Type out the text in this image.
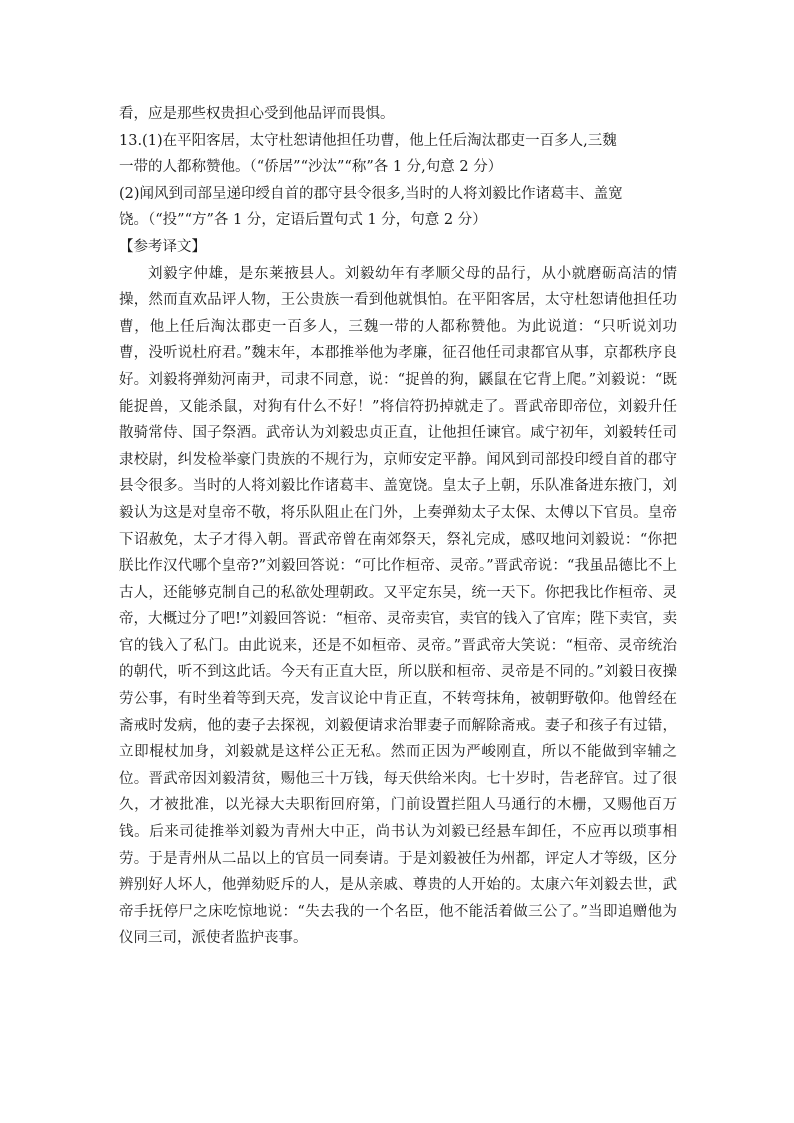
看，应是那些权贵担心受到他品评而畏惧。
13.(1)在平阳客居，太守杜恕请他担任功曹，他上任后淘汰郡吏一百多人,三魏
一带的人都称赞他。（“侨居”“沙汰”“称”各 1 分,句意 2 分）
(2)闻风到司部呈递印绶自首的郡守县令很多,当时的人将刘毅比作诸葛丰、盖宽
饶。（“投”“方”各 1 分，定语后置句式 1 分，句意 2 分）
【参考译文】
刘毅字仲雄，是东莱掖县人。刘毅幼年有孝顺父母的品行，从小就磨砺高洁的情操，然而直欢品评人物，王公贵族一看到他就惧怕。在平阳客居，太守杜恕请他担任功曹，他上任后淘汰郡吏一百多人，三魏一带的人都称赞他。为此说道：“只听说刘功曹，没听说杜府君。”魏末年，本郡推举他为孝廉，征召他任司隶都官从事，京都秩序良好。刘毅将弹劾河南尹，司隶不同意，说：“捉兽的狗，鼷鼠在它背上爬。”刘毅说：“既能捉兽，又能杀鼠，对狗有什么不好！”将信符扔掉就走了。晋武帝即帝位，刘毅升任散骑常侍、国子祭酒。武帝认为刘毅忠贞正直，让他担任谏官。咸宁初年，刘毅转任司隶校尉，纠发检举豪门贵族的不规行为，京师安定平静。闻风到司部投印绶自首的郡守县令很多。当时的人将刘毅比作诸葛丰、盖宽饶。皇太子上朝，乐队准备进东掖门，刘毅认为这是对皇帝不敬，将乐队阻止在门外，上奏弹劾太子太保、太傅以下官员。皇帝下诏赦免，太子才得入朝。晋武帝曾在南郊祭天，祭礼完成，感叹地问刘毅说：“你把朕比作汉代哪个皇帝?”刘毅回答说：“可比作桓帝、灵帝。”晋武帝说：“我虽品德比不上古人，还能够克制自己的私欲处理朝政。又平定东吴，统一天下。你把我比作桓帝、灵帝，大概过分了吧!”刘毅回答说：“桓帝、灵帝卖官，卖官的钱入了官库；陛下卖官，卖官的钱入了私门。由此说来，还是不如桓帝、灵帝。”晋武帝大笑说：“桓帝、灵帝统治的朝代，听不到这此话。今天有正直大臣，所以朕和桓帝、灵帝是不同的。”刘毅日夜操劳公事，有时坐着等到天亮，发言议论中肯正直，不转弯抹角，被朝野敬仰。他曾经在斋戒时发病，他的妻子去探视，刘毅便请求治罪妻子而解除斋戒。妻子和孩子有过错，立即棍杖加身，刘毅就是这样公正无私。然而正因为严峻刚直，所以不能做到宰辅之位。晋武帝因刘毅清贫，赐他三十万钱，每天供给米肉。七十岁时，告老辞官。过了很久，才被批准，以光禄大夫职衔回府第，门前设置拦阻人马通行的木栅，又赐他百万钱。后来司徒推举刘毅为青州大中正，尚书认为刘毅已经悬车卸任，不应再以琐事相劳。于是青州从二品以上的官员一同奏请。于是刘毅被任为州都，评定人才等级，区分辨别好人坏人，他弹劾贬斥的人，是从亲戚、尊贵的人开始的。太康六年刘毅去世，武帝手抚停尸之床吃惊地说：“失去我的一个名臣，他不能活着做三公了。”当即追赠他为仪同三司，派使者监护丧事。
